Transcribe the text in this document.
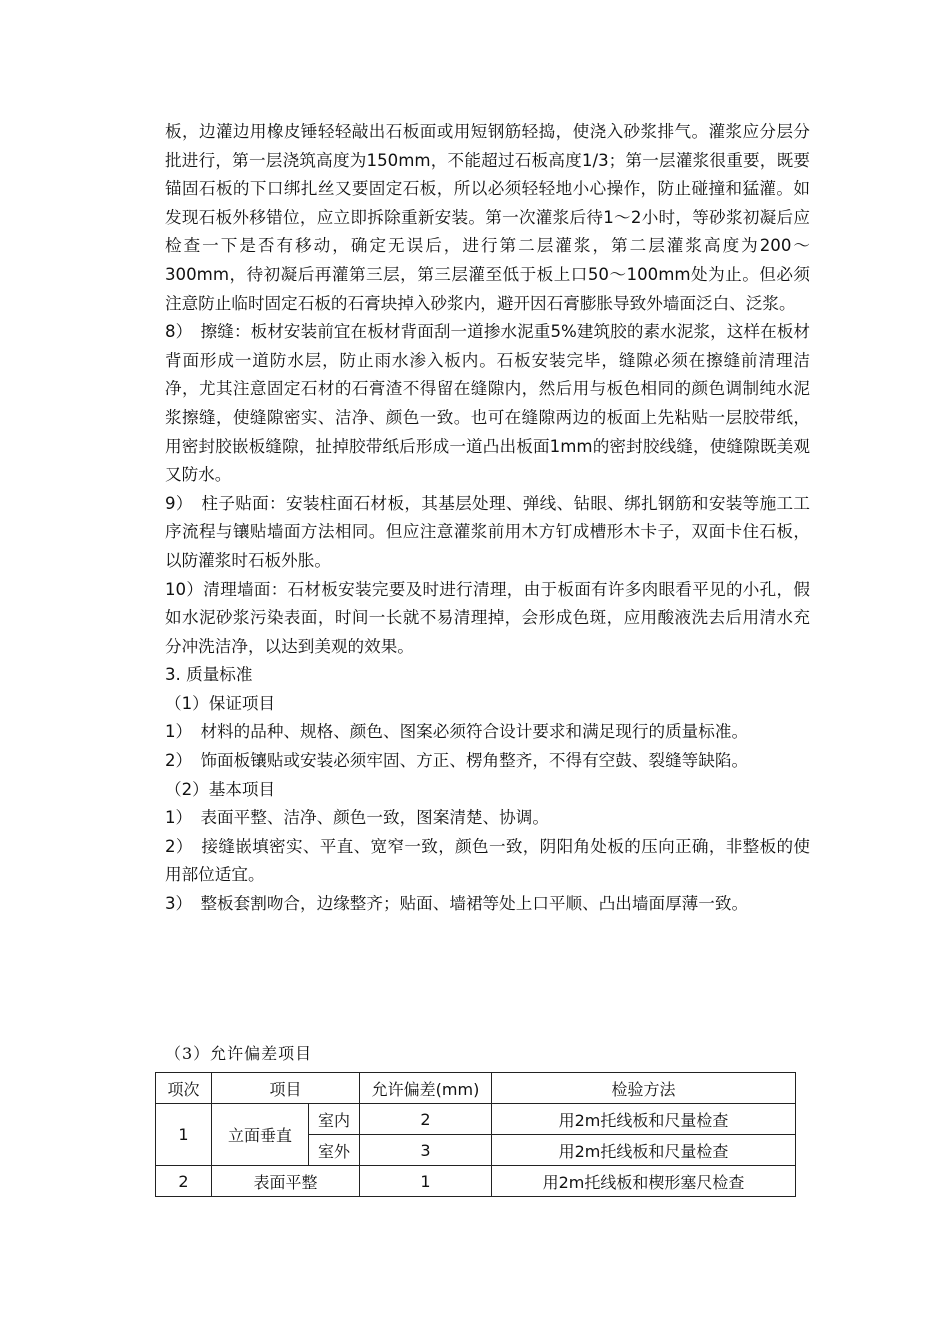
板，边灌边用橡皮锤轻轻敲出石板面或用短钢筋轻捣，使浇入砂浆排气。灌浆应分层分批进行，第一层浇筑高度为150mm，不能超过石板高度1/3；第一层灌浆很重要，既要锚固石板的下口绑扎丝又要固定石板，所以必须轻轻地小心操作，防止碰撞和猛灌。如发现石板外移错位，应立即拆除重新安装。第一次灌浆后待1～2小时，等砂浆初凝后应检查一下是否有移动，确定无误后，进行第二层灌浆，第二层灌浆高度为200～300mm，待初凝后再灌第三层，第三层灌至低于板上口50～100mm处为止。但必须注意防止临时固定石板的石膏块掉入砂浆内，避开因石膏膨胀导致外墙面泛白、泛浆。

8）　擦缝：板材安装前宜在板材背面刮一道掺水泥重5%建筑胶的素水泥浆，这样在板材背面形成一道防水层，防止雨水渗入板内。石板安装完毕，缝隙必须在擦缝前清理洁净，尤其注意固定石材的石膏渣不得留在缝隙内，然后用与板色相同的颜色调制纯水泥浆擦缝，使缝隙密实、洁净、颜色一致。也可在缝隙两边的板面上先粘贴一层胶带纸，用密封胶嵌板缝隙，扯掉胶带纸后形成一道凸出板面1mm的密封胶线缝，使缝隙既美观又防水。

9）　柱子贴面：安装柱面石材板，其基层处理、弹线、钻眼、绑扎钢筋和安装等施工工序流程与镶贴墙面方法相同。但应注意灌浆前用木方钉成槽形木卡子，双面卡住石板，以防灌浆时石板外胀。

10）清理墙面：石材板安装完要及时进行清理，由于板面有许多肉眼看平见的小孔，假如水泥砂浆污染表面，时间一长就不易清理掉，会形成色斑，应用酸液洗去后用清水充分冲洗洁净，以达到美观的效果。

3. 质量标准

（1）保证项目

1）　材料的品种、规格、颜色、图案必须符合设计要求和满足现行的质量标准。

2）　饰面板镶贴或安装必须牢固、方正、楞角整齐，不得有空鼓、裂缝等缺陷。

（2）基本项目

1）　表面平整、洁净、颜色一致，图案清楚、协调。

2）　接缝嵌填密实、平直、宽窄一致，颜色一致，阴阳角处板的压向正确，非整板的使用部位适宜。

3）　整板套割吻合，边缘整齐；贴面、墙裙等处上口平顺、凸出墙面厚薄一致。

（3）允许偏差项目
项次	项目		允许偏差(mm)	检验方法
1	立面垂直	室内	2	用2m托线板和尺量检查
		室外	3	用2m托线板和尺量检查
2	表面平整		1	用2m托线板和楔形塞尺检查
